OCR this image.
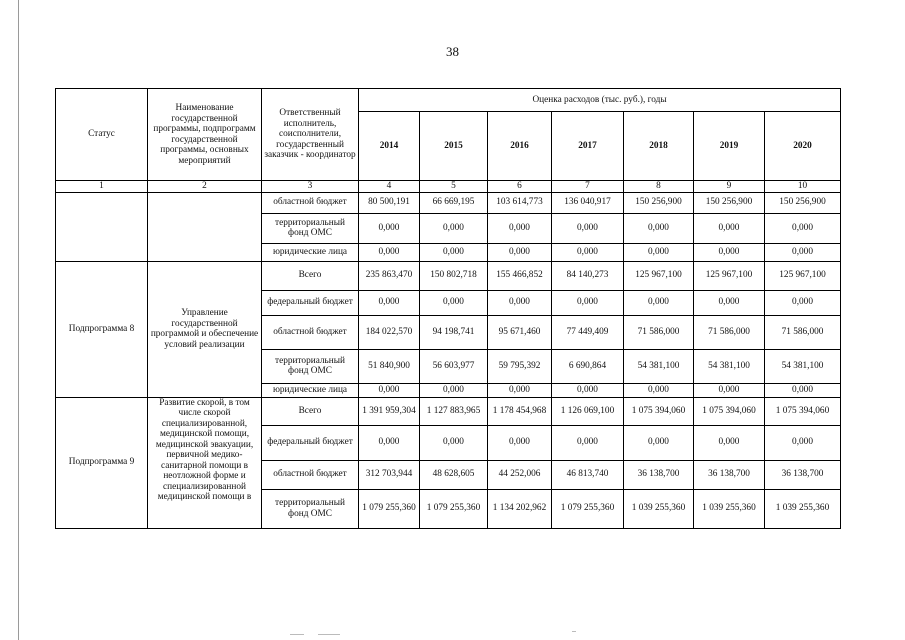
38
Статус	Наименование государственной программы, подпрограмм государственной программы, основных мероприятий	Ответственный исполнитель, соисполнители, государственный заказчик - координатор	Оценка расходов (тыс. руб.), годы						
			2014	2015	2016	2017	2018	2019	2020
1	2	3	4	5	6	7	8	9	10
		областной бюджет	80 500,191	66 669,195	103 614,773	136 040,917	150 256,900	150 256,900	150 256,900
		территориальный фонд ОМС	0,000	0,000	0,000	0,000	0,000	0,000	0,000
		юридические лица	0,000	0,000	0,000	0,000	0,000	0,000	0,000
Подпрограмма 8	Управление государственной программой и обеспечение условий реализации	Всего	235 863,470	150 802,718	155 466,852	84 140,273	125 967,100	125 967,100	125 967,100
		федеральный бюджет	0,000	0,000	0,000	0,000	0,000	0,000	0,000
		областной бюджет	184 022,570	94 198,741	95 671,460	77 449,409	71 586,000	71 586,000	71 586,000
		территориальный фонд ОМС	51 840,900	56 603,977	59 795,392	6 690,864	54 381,100	54 381,100	54 381,100
		юридические лица	0,000	0,000	0,000	0,000	0,000	0,000	0,000
Подпрограмма 9	Развитие скорой, в том числе скорой специализированной, медицинской помощи, медицинской эвакуации, первичной медико-санитарной помощи в неотложной форме и специализированной медицинской помощи в	Всего	1 391 959,304	1 127 883,965	1 178 454,968	1 126 069,100	1 075 394,060	1 075 394,060	1 075 394,060
		федеральный бюджет	0,000	0,000	0,000	0,000	0,000	0,000	0,000
		областной бюджет	312 703,944	48 628,605	44 252,006	46 813,740	36 138,700	36 138,700	36 138,700
		территориальный фонд ОМС	1 079 255,360	1 079 255,360	1 134 202,962	1 079 255,360	1 039 255,360	1 039 255,360	1 039 255,360
